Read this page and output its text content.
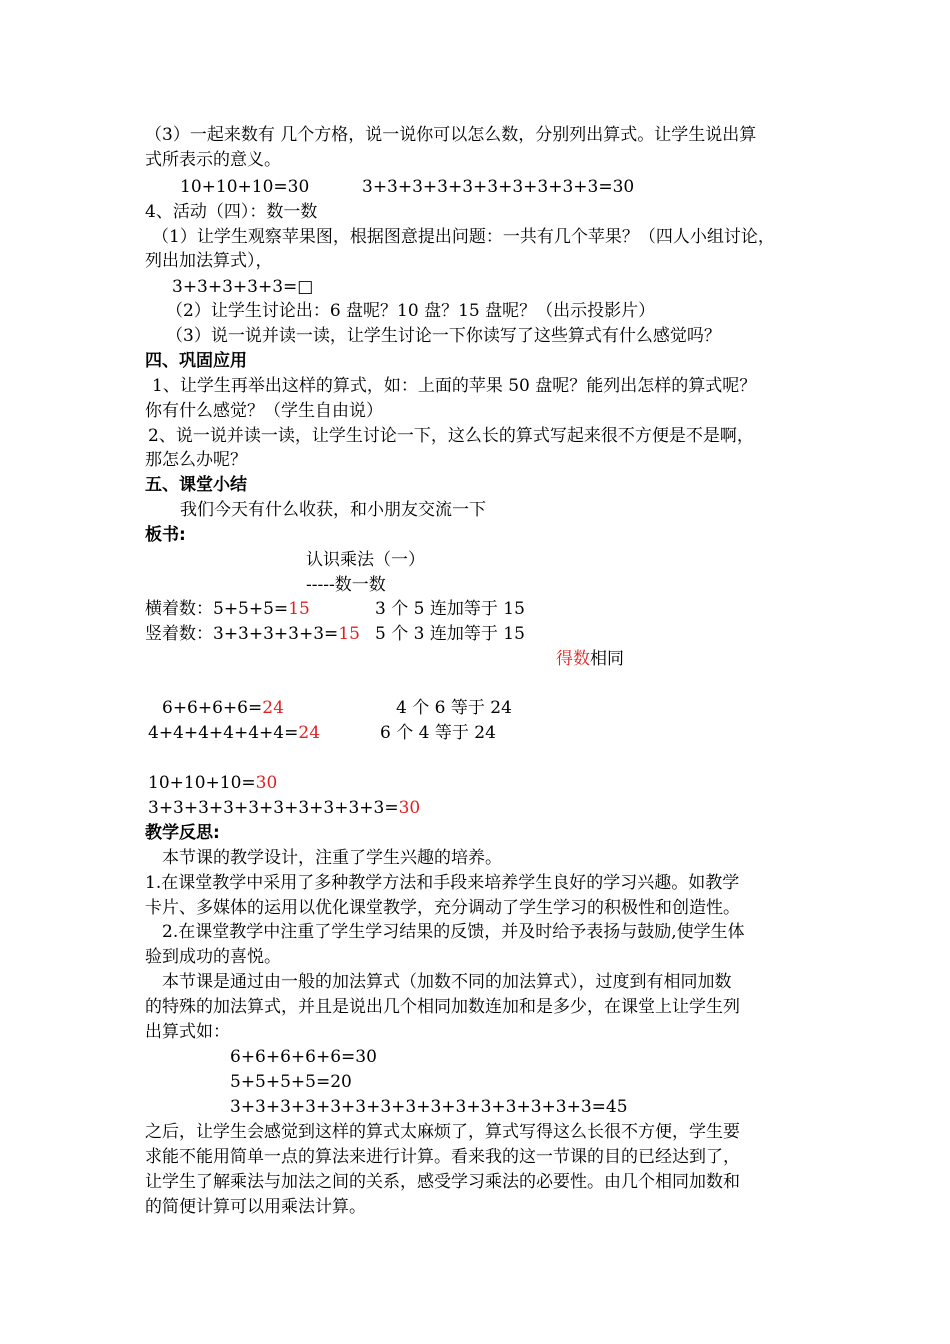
（3）一起来数有 几个方格，说一说你可以怎么数，分别列出算式。让学生说出算
式所表示的意义。
10+10+10=30	3+3+3+3+3+3+3+3+3+3=30
4、活动（四）：数一数
（1）让学生观察苹果图，根据图意提出问题：一共有几个苹果？（四人小组讨论，
列出加法算式），
3+3+3+3+3=□
（2）让学生讨论出：6 盘呢？10 盘？15 盘呢？（出示投影片）
（3）说一说并读一读，让学生讨论一下你读写了这些算式有什么感觉吗？
四、巩固应用
1、让学生再举出这样的算式，如：上面的苹果 50 盘呢？能列出怎样的算式呢？
你有什么感觉？（学生自由说）
2、说一说并读一读，让学生讨论一下，这么长的算式写起来很不方便是不是啊，
那怎么办呢？
五、课堂小结
我们今天有什么收获，和小朋友交流一下
板书:
认识乘法（一）
-----数一数
横着数：5+5+5=15	3 个 5 连加等于 15
竖着数：3+3+3+3+3=15 5 个 3 连加等于 15
得数相同
6+6+6+6=24	4 个 6 等于 24
4+4+4+4+4+4=24	6 个 4 等于 24
10+10+10=30
3+3+3+3+3+3+3+3+3+3=30
教学反思:
本节课的教学设计，注重了学生兴趣的培养。
1.在课堂教学中采用了多种教学方法和手段来培养学生良好的学习兴趣。如教学
卡片、多媒体的运用以优化课堂教学，充分调动了学生学习的积极性和创造性。
2.在课堂教学中注重了学生学习结果的反馈，并及时给予表扬与鼓励,使学生体
验到成功的喜悦。
本节课是通过由一般的加法算式（加数不同的加法算式），过度到有相同加数
的特殊的加法算式，并且是说出几个相同加数连加和是多少，在课堂上让学生列
出算式如：
6+6+6+6+6=30
5+5+5+5=20
3+3+3+3+3+3+3+3+3+3+3+3+3+3+3=45
之后，让学生会感觉到这样的算式太麻烦了，算式写得这么长很不方便，学生要
求能不能用简单一点的算法来进行计算。看来我的这一节课的目的已经达到了，
让学生了解乘法与加法之间的关系，感受学习乘法的必要性。由几个相同加数和
的简便计算可以用乘法计算。
